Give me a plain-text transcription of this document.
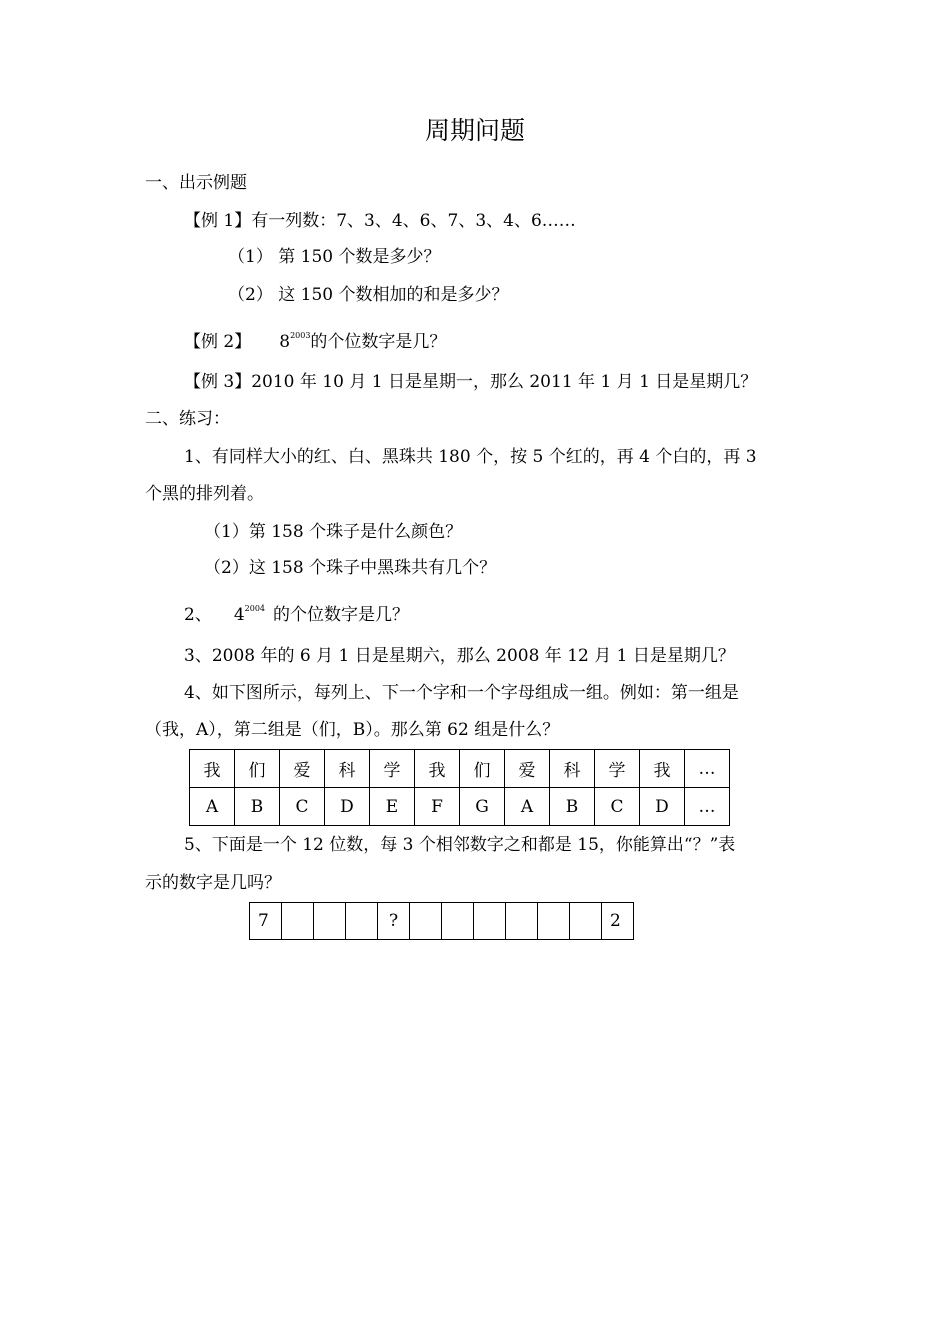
周期问题
一、出示例题
【例 1】有一列数：7、3、4、6、7、3、4、6……
（1） 第 150 个数是多少？
（2） 这 150 个数相加的和是多少？
【例 2】 $8^{2003}$的个位数字是几？
【例 3】2010 年 10 月 1 日是星期一，那么 2011 年 1 月 1 日是星期几？
二、练习：
1、有同样大小的红、白、黑珠共 180 个，按 5 个红的，再 4 个白的，再 3
个黑的排列着。
（1）第 158 个珠子是什么颜色？
（2）这 158 个珠子中黑珠共有几个？
2、 $4^{2004}$ 的个位数字是几？
3、2008 年的 6 月 1 日是星期六，那么 2008 年 12 月 1 日是星期几？
4、如下图所示，每列上、下一个字和一个字母组成一组。例如：第一组是
（我，A），第二组是（们，B）。那么第 62 组是什么？
我	们	爱	科	学	我	们	爱	科	学	我	…
A	B	C	D	E	F	G	A	B	C	D	…
5、下面是一个 12 位数，每 3 个相邻数字之和都是 15，你能算出“？”表
示的数字是几吗？
7				?							2
